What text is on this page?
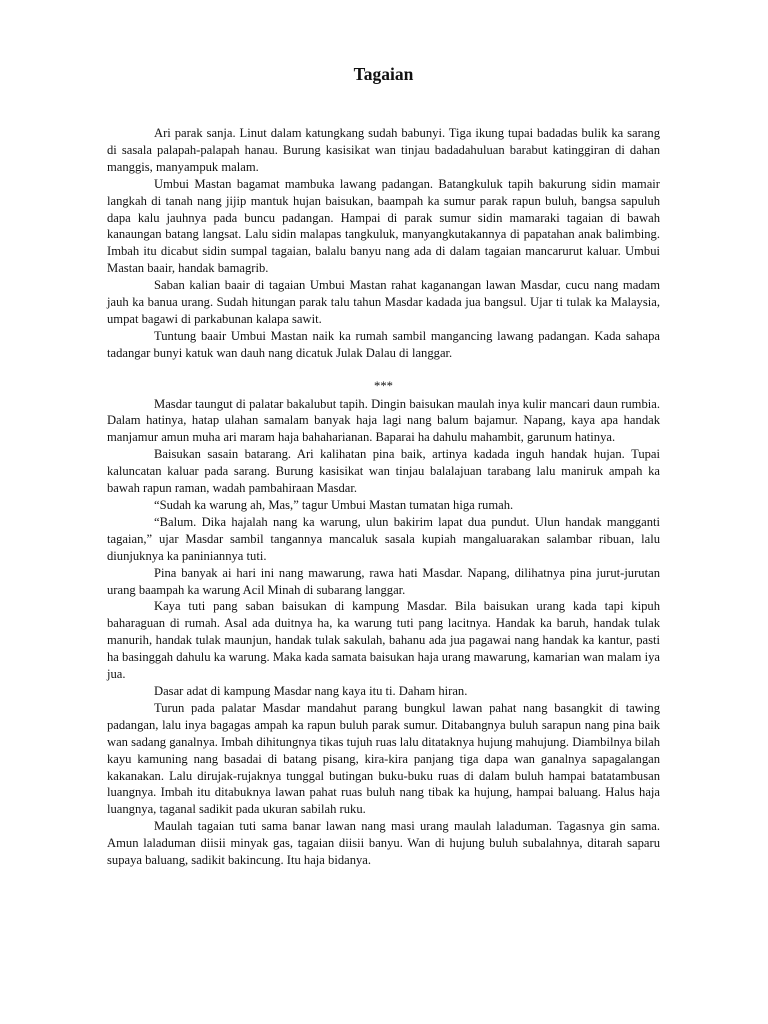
Tagaian

Ari parak sanja. Linut dalam katungkang sudah babunyi. Tiga ikung tupai badadas bulik ka sarang di sasala palapah-palapah hanau. Burung kasisikat wan tinjau badadahuluan barabut katinggiran di dahan manggis, manyampuk malam.

Umbui Mastan bagamat mambuka lawang padangan. Batangkuluk tapih bakurung sidin mamair langkah di tanah nang jijip mantuk hujan baisukan, baampah ka sumur parak rapun buluh, bangsa sapuluh dapa kalu jauhnya pada buncu padangan. Hampai di parak sumur sidin mamaraki tagaian di bawah kanaungan batang langsat. Lalu sidin malapas tangkuluk, manyangkutakannya di papatahan anak balimbing. Imbah itu dicabut sidin sumpal tagaian, balalu banyu nang ada di dalam tagaian mancarurut kaluar. Umbui Mastan baair, handak bamagrib.

Saban kalian baair di tagaian Umbui Mastan rahat kaganangan lawan Masdar, cucu nang madam jauh ka banua urang. Sudah hitungan parak talu tahun Masdar kadada jua bangsul. Ujar ti tulak ka Malaysia, umpat bagawi di parkabunan kalapa sawit.

Tuntung baair Umbui Mastan naik ka rumah sambil mangancing lawang padangan. Kada sahapa tadangar bunyi katuk wan dauh nang dicatuk Julak Dalau di langgar.

***

Masdar taungut di palatar bakalubut tapih. Dingin baisukan maulah inya kulir mancari daun rumbia. Dalam hatinya, hatap ulahan samalam banyak haja lagi nang balum bajamur. Napang, kaya apa handak manjamur amun muha ari maram haja bahaharianan. Baparai ha dahulu mahambit, garunum hatinya.

Baisukan sasain batarang. Ari kalihatan pina baik, artinya kadada inguh handak hujan. Tupai kaluncatan kaluar pada sarang. Burung kasisikat wan tinjau balalajuan tarabang lalu maniruk ampah ka bawah rapun raman, wadah pambahiraan Masdar.

“Sudah ka warung ah, Mas,” tagur Umbui Mastan tumatan higa rumah.

“Balum. Dika hajalah nang ka warung, ulun bakirim lapat dua pundut. Ulun handak mangganti tagaian,” ujar Masdar sambil tangannya mancaluk sasala kupiah mangaluarakan salambar ribuan, lalu diunjuknya ka paniniannya tuti.

Pina banyak ai hari ini nang mawarung, rawa hati Masdar. Napang, dilihatnya pina jurut-jurutan urang baampah ka warung Acil Minah di subarang langgar.

Kaya tuti pang saban baisukan di kampung Masdar. Bila baisukan urang kada tapi kipuh baharaguan di rumah. Asal ada duitnya ha, ka warung tuti pang lacitnya. Handak ka baruh, handak tulak manurih, handak tulak maunjun, handak tulak sakulah, bahanu ada jua pagawai nang handak ka kantur, pasti ha basinggah dahulu ka warung. Maka kada samata baisukan haja urang mawarung, kamarian wan malam iya jua.

Dasar adat di kampung Masdar nang kaya itu ti. Daham hiran.

Turun pada palatar Masdar mandahut parang bungkul lawan pahat nang basangkit di tawing padangan, lalu inya bagagas ampah ka rapun buluh parak sumur. Ditabangnya buluh sarapun nang pina baik wan sadang ganalnya. Imbah dihitungnya tikas tujuh ruas lalu ditataknya hujung mahujung. Diambilnya bilah kayu kamuning nang basadai di batang pisang, kira-kira panjang tiga dapa wan ganalnya sapagalangan kakanakan. Lalu dirujak-rujaknya tunggal butingan buku-buku ruas di dalam buluh hampai batatambusan luangnya. Imbah itu ditabuknya lawan pahat ruas buluh nang tibak ka hujung, hampai baluang. Halus haja luangnya, taganal sadikit pada ukuran sabilah ruku.

Maulah tagaian tuti sama banar lawan nang masi urang maulah laladuman. Tagasnya gin sama. Amun laladuman diisii minyak gas, tagaian diisii banyu. Wan di hujung buluh subalahnya, ditarah saparu supaya baluang, sadikit bakincung. Itu haja bidanya.
